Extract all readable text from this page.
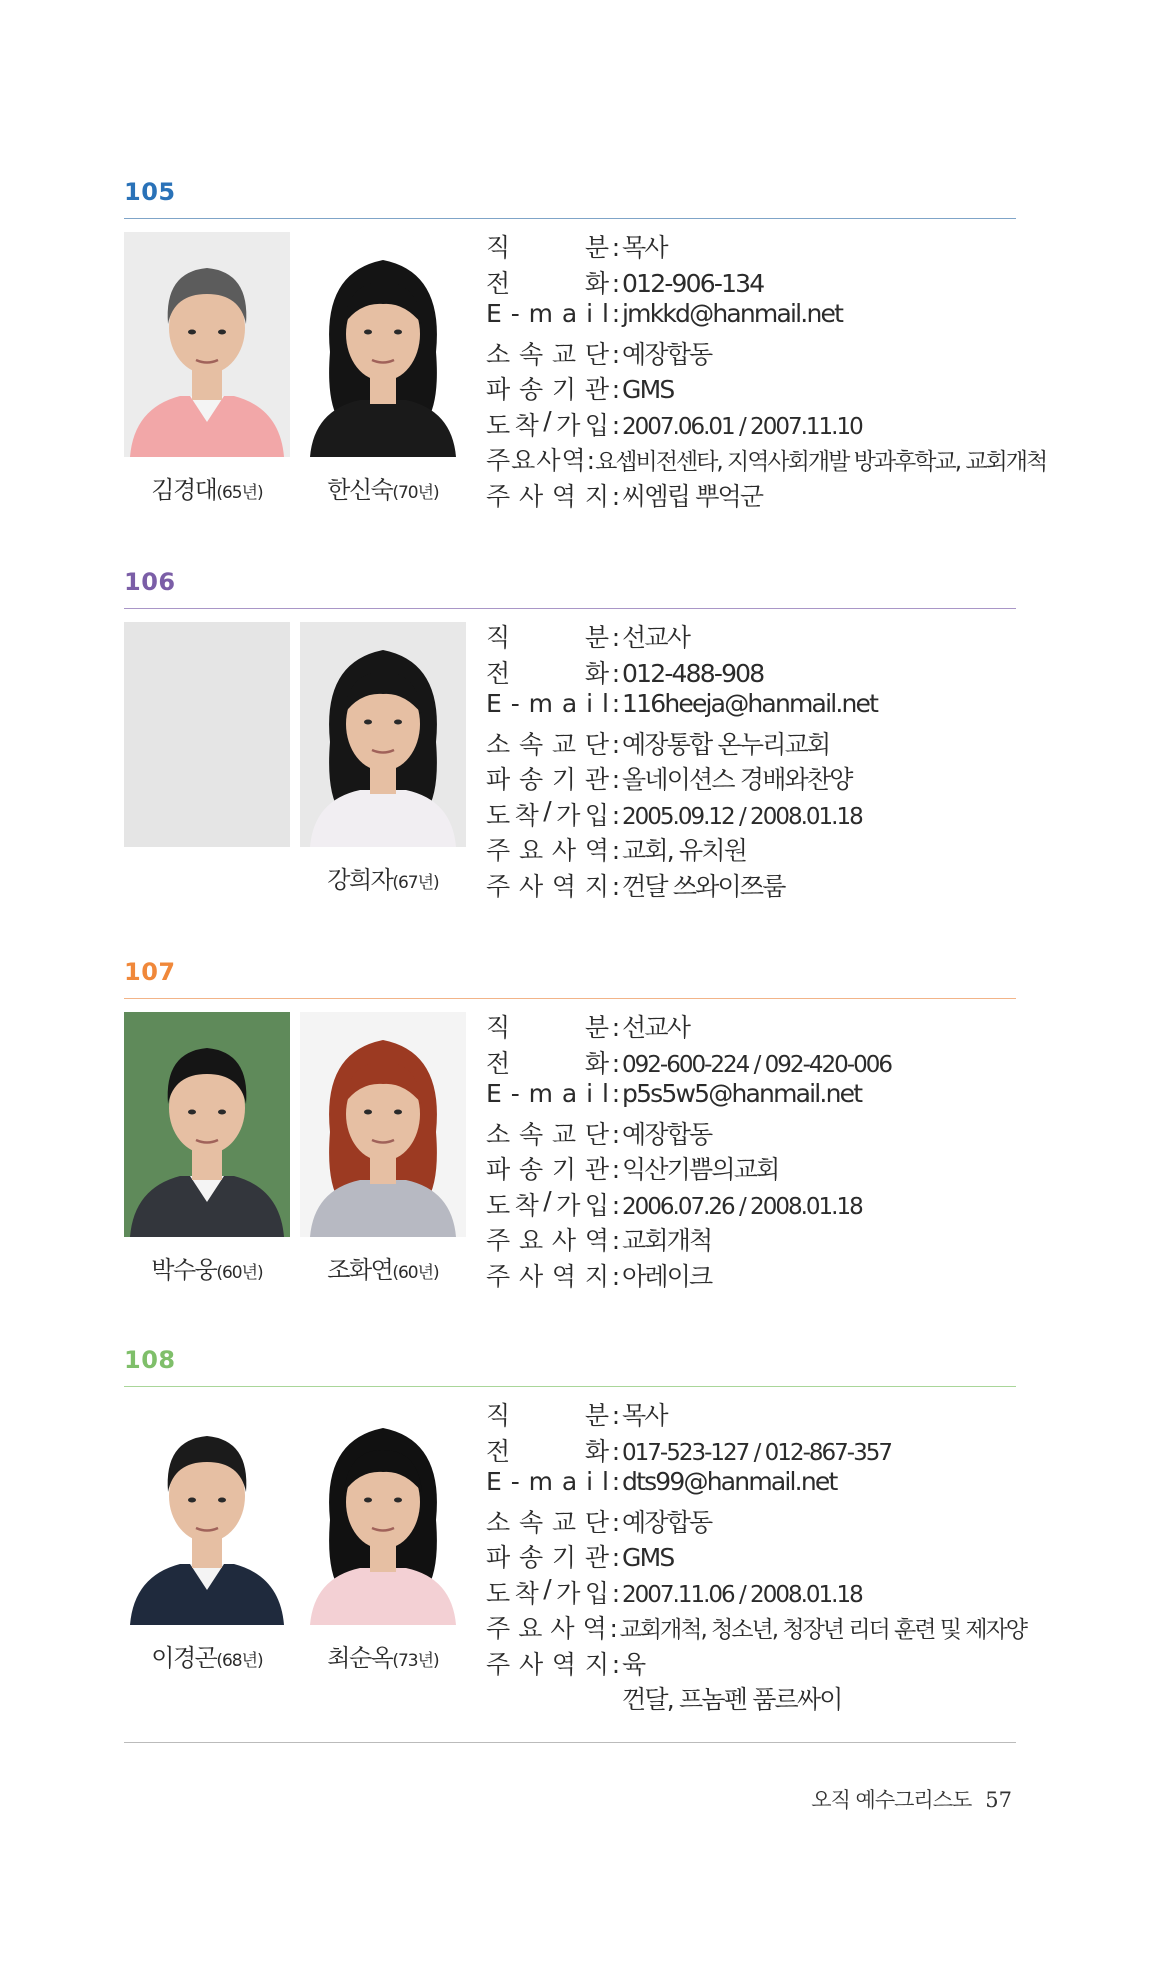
105
김경대(65년)	한신숙(70년)
직	분 : 목사
전	화 : 012-906-134
E - m a i l : jmkkd@hanmail.net
소 속 교 단 : 예장합동
파 송 기 관 : GMS
도 착 / 가 입 : 2007.06.01 / 2007.11.10
주 요 사 역 : 요셉비전센타, 지역사회개발 방과후학교, 교회개척
주 사 역 지 : 씨엠립 뿌억군
106
강희자(67년)
직	분 : 선교사
전	화 : 012-488-908
E - m a i l : 116heeja@hanmail.net
소 속 교 단 : 예장통합 온누리교회
파 송 기 관 : 올네이션스 경배와찬양
도 착 / 가 입 : 2005.09.12 / 2008.01.18
주 요 사 역 : 교회, 유치원
주 사 역 지 : 껀달 쓰와이쯔룸
107
박수웅(60년)	조화연(60년)
직	분 : 선교사
전	화 : 092-600-224 / 092-420-006
E - m a i l : p5s5w5@hanmail.net
소 속 교 단 : 예장합동
파 송 기 관 : 익산기쁨의교회
도 착 / 가 입 : 2006.07.26 / 2008.01.18
주 요 사 역 : 교회개척
주 사 역 지 : 아레이크
108
이경곤(68년)	최순옥(73년)
직	분 : 목사
전	화 : 017-523-127 / 012-867-357
E - m a i l : dts99@hanmail.net
소 속 교 단 : 예장합동
파 송 기 관 : GMS
도 착 / 가 입 : 2007.11.06 / 2008.01.18
주 요 사 역 : 교회개척, 청소년, 청장년 리더 훈련 및 제자양
주 사 역 지 : 육
껀달, 프놈펜 품르싸이
오직 예수그리스도 57
